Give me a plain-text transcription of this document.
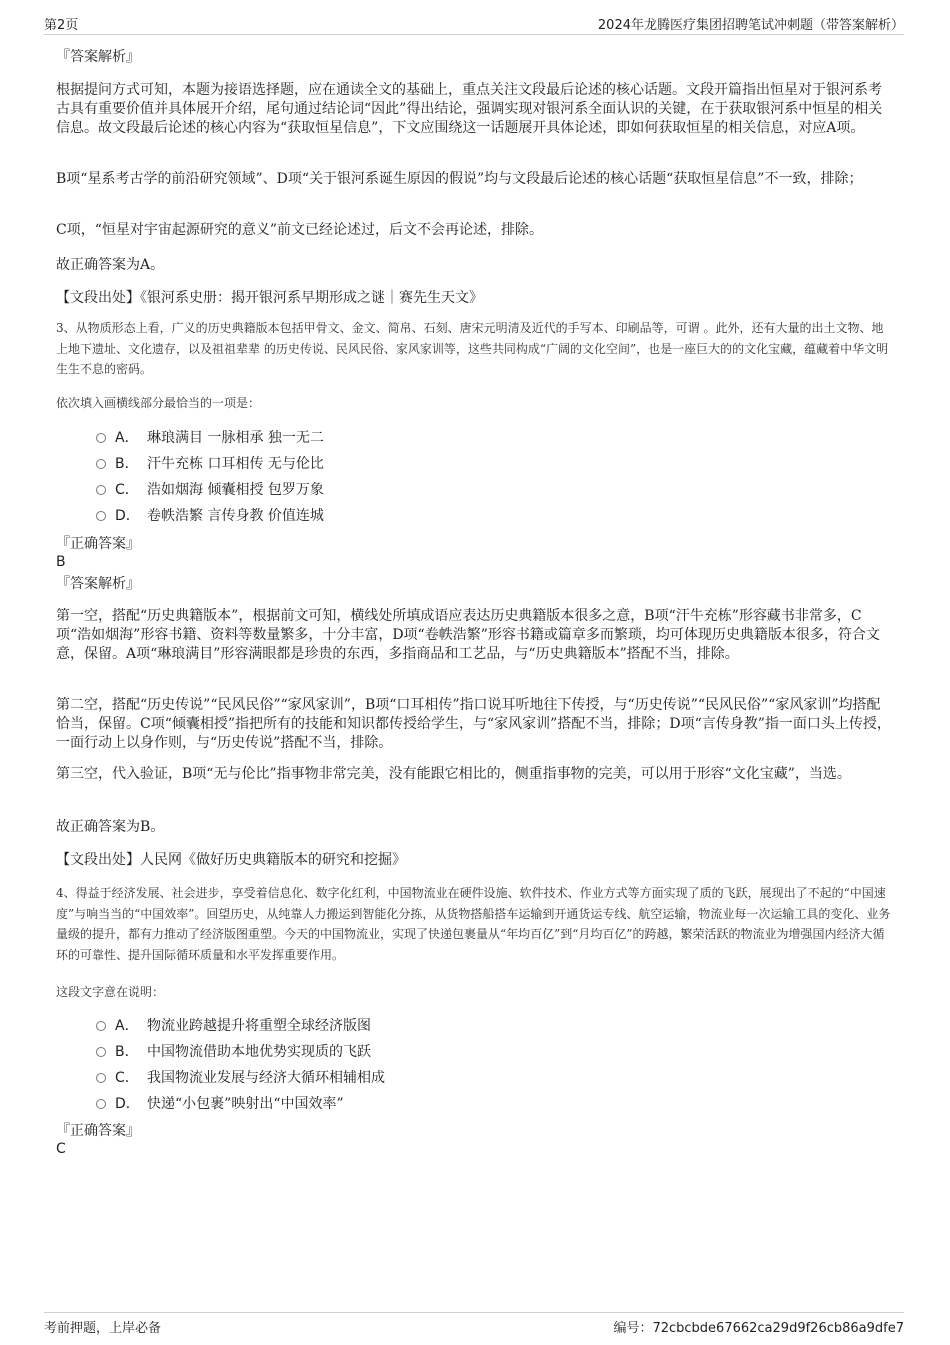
第2页	2024年龙腾医疗集团招聘笔试冲刺题（带答案解析）
『答案解析』
根据提问方式可知，本题为接语选择题，应在通读全文的基础上，重点关注文段最后论述的核心话题。文段开篇指出恒星对于银河系考古具有重要价值并具体展开介绍，尾句通过结论词“因此”得出结论，强调实现对银河系全面认识的关键，在于获取银河系中恒星的相关信息。故文段最后论述的核心内容为“获取恒星信息”，下文应围绕这一话题展开具体论述，即如何获取恒星的相关信息，对应A项。
B项“星系考古学的前沿研究领域”、D项“关于银河系诞生原因的假说”均与文段最后论述的核心话题“获取恒星信息”不一致，排除；
C项，“恒星对宇宙起源研究的意义”前文已经论述过，后文不会再论述，排除。
故正确答案为A。
【文段出处】《银河系史册：揭开银河系早期形成之谜｜赛先生天文》
3、从物质形态上看，广义的历史典籍版本包括甲骨文、金文、简帛、石刻、唐宋元明清及近代的手写本、印刷品等，可谓 。此外，还有大量的出土文物、地上地下遗址、文化遗存，以及祖祖辈辈 的历史传说、民风民俗、家风家训等，这些共同构成“广阔的文化空间”，也是一座巨大的的文化宝藏，蕴藏着中华文明生生不息的密码。
依次填入画横线部分最恰当的一项是：
A． 琳琅满目 一脉相承 独一无二
B． 汗牛充栋 口耳相传 无与伦比
C． 浩如烟海 倾囊相授 包罗万象
D． 卷帙浩繁 言传身教 价值连城
『正确答案』
B
『答案解析』
第一空，搭配“历史典籍版本”，根据前文可知，横线处所填成语应表达历史典籍版本很多之意，B项“汗牛充栋”形容藏书非常多，C项“浩如烟海”形容书籍、资料等数量繁多，十分丰富，D项“卷帙浩繁”形容书籍或篇章多而繁琐，均可体现历史典籍版本很多，符合文意，保留。A项“琳琅满目”形容满眼都是珍贵的东西，多指商品和工艺品，与“历史典籍版本”搭配不当，排除。
第二空，搭配“历史传说”“民风民俗”“家风家训”，B项“口耳相传”指口说耳听地往下传授，与“历史传说”“民风民俗”“家风家训”均搭配恰当，保留。C项“倾囊相授”指把所有的技能和知识都传授给学生，与“家风家训”搭配不当，排除；D项“言传身教”指一面口头上传授，一面行动上以身作则，与“历史传说”搭配不当，排除。
第三空，代入验证，B项“无与伦比”指事物非常完美，没有能跟它相比的，侧重指事物的完美，可以用于形容“文化宝藏”，当选。
故正确答案为B。
【文段出处】人民网《做好历史典籍版本的研究和挖掘》
4、得益于经济发展、社会进步，享受着信息化、数字化红利，中国物流业在硬件设施、软件技术、作业方式等方面实现了质的飞跃，展现出了不起的“中国速度”与响当当的“中国效率”。回望历史，从纯靠人力搬运到智能化分拣，从货物搭船搭车运输到开通货运专线、航空运输，物流业每一次运输工具的变化、业务量级的提升，都有力推动了经济版图重塑。今天的中国物流业，实现了快递包裹量从“年均百亿”到“月均百亿”的跨越，繁荣活跃的物流业为增强国内经济大循环的可靠性、提升国际循环质量和水平发挥重要作用。
这段文字意在说明：
A． 物流业跨越提升将重塑全球经济版图
B． 中国物流借助本地优势实现质的飞跃
C． 我国物流业发展与经济大循环相辅相成
D． 快递“小包裹”映射出“中国效率”
『正确答案』
C
考前押题，上岸必备	编号：72cbcbde67662ca29d9f26cb86a9dfe7
